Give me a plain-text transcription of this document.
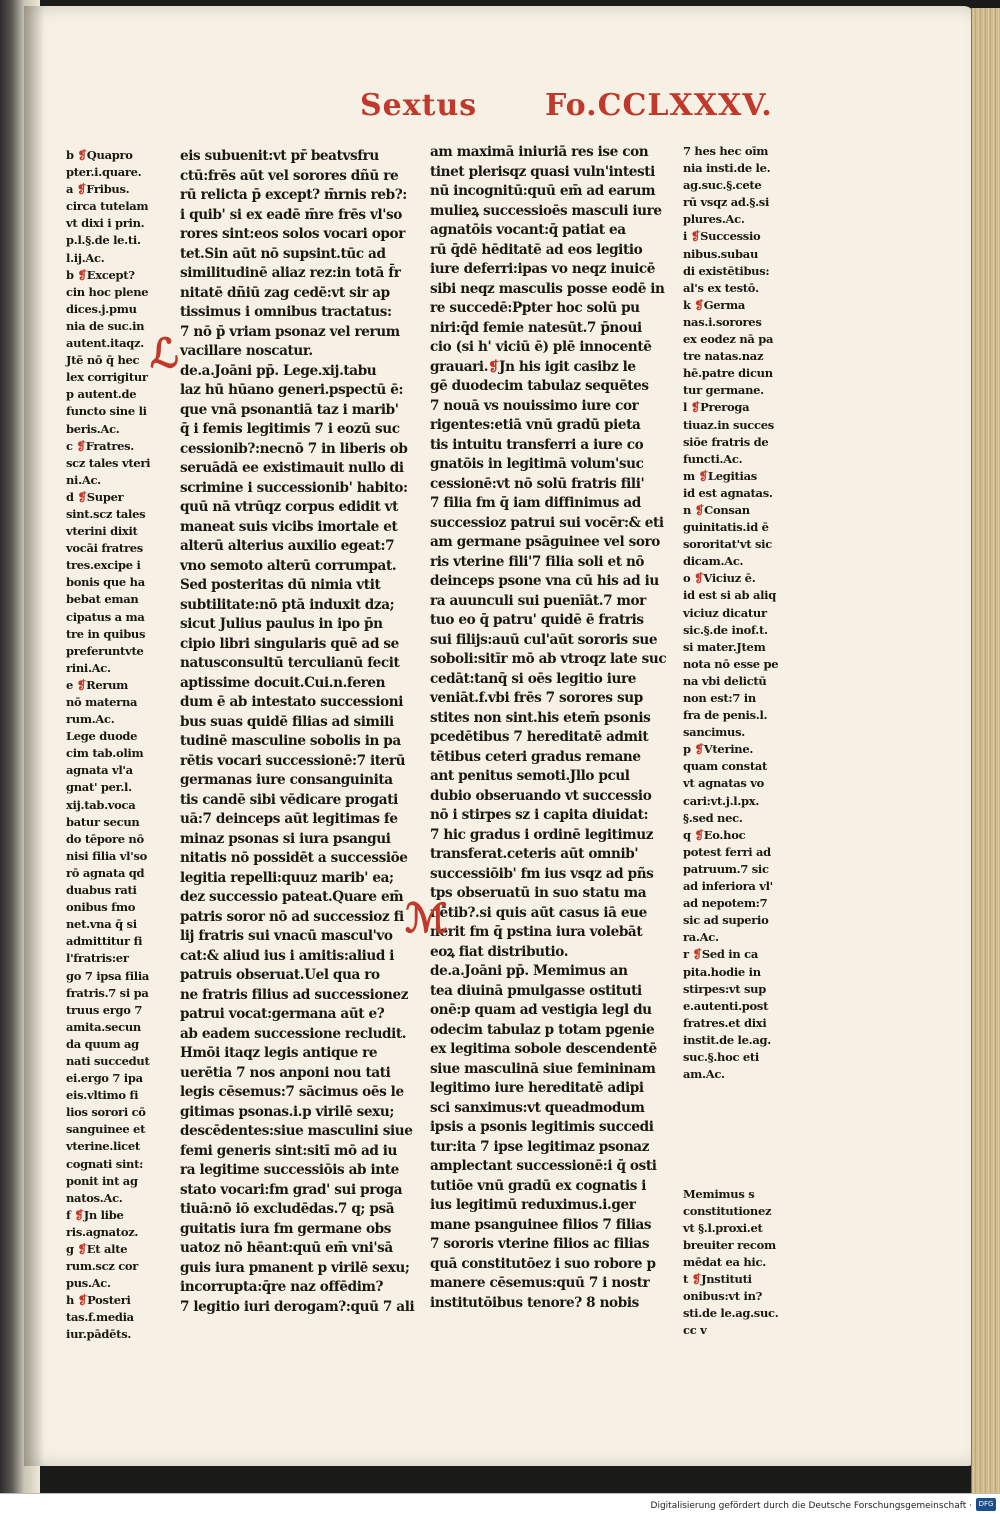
Sextus Fo.CCLXXXV.
b ❡Quapro
pter.i.quare.
a ❡Fribus.
circa tutelam
vt dixi i prin.
p.l.§.de le.ti.
l.ij.Ac.
b ❡Except?
cin hoc plene
dices.j.pmu
nia de suc.in
autent.itaqz.
Jtē nō q̄ hec
lex corrigitur
p autent.de
functo sine li
beris.Ac.
c ❡Fratres.
scz tales vteri
ni.Ac.
d ❡Super
sint.scz tales
vterini dixit
vocāi fratres
tres.excipe i
bonis que ha
bebat eman
cipatus a ma
tre in quibus
preferuntvte
rini.Ac.
e ❡Rerum
nō materna
rum.Ac.
Lege duode
cim tab.olim
agnata vl'a
gnat' per.l.
xij.tab.voca
batur secun
do tēpore nō
nisi filia vl'so
rō agnata qd
duabus rati
onibus fmo
net.vna q̄ si
admittitur fi
l'fratris:er
go 7 ipsa filia
fratris.7 si pa
truus ergo 7
amita.secun
da quum ag
nati succedut
ei.ergo 7 ipa
eis.vltimo fi
lios sorori cō
sanguinee et
vterine.licet
cognati sint:
ponit int ag
natos.Ac.
f ❡Jn libe
ris.agnatoz.
g ❡Et alte
rum.scz cor
pus.Ac.
h ❡Posteri
tas.f.media
iur.pādēts.
eis subuenit:vt pr̄ beatvsfru
ctū:frēs aūt vel sorores dñū re
rū relicta p̄ except? m̄rnis reb?:
i quib' si ex eadē m̄re frēs vl'so
rores sint:eos solos vocari opor
tet.Sin aūt nō supsint.tūc ad
similitudinē aliaz rez:in totā f̄r
nitatē dñiū zag cedē:vt sir ap
tissimus i omnibus tractatus:
7 nō p̄ vriam psonaz vel rerum
vacillare noscatur.
de.a.Joāni pp̄. Lege.xij.tabu
laz hū hūano generi.pspectū ē:
que vnā psonantiā taz i marib'
q̄ i femis legitimis 7 i eozū suc
cessionib?:necnō 7 in liberis ob
seruādā ee existimauit nullo di
scrimine i successionib' habito:
quū nā vtrūqz corpus edidit vt
maneat suis vicibs imortale et
alterū alterius auxilio egeat:7
vno semoto alterū corrumpat.
Sed posteritas dū nimia vtit
subtilitate:nō ptā induxit dza;
sicut Julius paulus in ipo p̄n
cipio libri singularis quē ad se
natusconsultū terculianū fecit
aptissime docuit.Cui.n.feren
dum ē ab intestato successioni
bus suas quidē filias ad simili
tudinē masculine sobolis in pa
rētis vocari successionē:7 iterū
germanas iure consanguinita
tis candē sibi vēdicare progati
uā:7 deinceps aūt legitimas fe
minaz psonas si iura psangui
nitatis nō possidēt a successiōe
legitia repelli:quuz marib' ea;
dez successio pateat.Quare em̄
patris soror nō ad successioz fi
lij fratris sui vnacū mascul'vo
cat:& aliud ius i amitis:aliud i
patruis obseruat.Uel qua ro
ne fratris filius ad successionez
patrui vocat:germana aūt e?
ab eadem successione recludit.
Hmōi itaqz legis antique re
uerētia 7 nos anponi nou tati
legis cēsemus:7 sācimus oēs le
gitimas psonas.i.p virilē sexu;
descēdentes:siue masculini siue
femi generis sint:sitī mō ad iu
ra legitime successiōis ab inte
stato vocari:fm grad' sui proga
tiuā:nō iō excludēdas.7 q; psā
guitatis iura fm germane obs
uatoz nō hēant:quū em̄ vni'sā
guis iura pmanent p virilē sexu;
incorrupta:q̄re naz offēdim?
7 legitio iuri derogam?:quū 7 ali
am maximā iniuriā res ise con
tinet plerisqz quasi vuln'intesti
nū incognitū:quū em̄ ad earum
mulieꝝ successioēs masculi iure
agnatōis vocant:q̄ patiat ea
rū q̄dē hēditatē ad eos legitio
iure deferri:ipas vo neqz inuicē
sibi neqz masculis posse eodē in
re succedē:Ppter hoc solū pu
niri:q̄d femie natesūt.7 p̄noui
cio (si h' viciū ē) plē innocentē
grauari.❡Jn his igit casibz le
gē duodecim tabulaz sequētes
7 nouā vs nouissimo iure cor
rigentes:etiā vnū gradū pieta
tis intuitu transferri a iure co
gnatōis in legitimā volum'suc
cessionē:vt nō solū fratris fili'
7 filia fm q̄ iam diffinimus ad
successioz patrui sui vocēr:& eti
am germane psāguinee vel soro
ris vterine fili'7 filia soli et nō
deinceps psone vna cū his ad iu
ra auunculi sui puenīāt.7 mor
tuo eo q̄ patru' quidē ē fratris
sui filijs:auū cul'aūt sororis sue
soboli:sitīr mō ab vtroqz late suc
cedāt:tanq̄ si oēs legitio iure
veniāt.f.vbi frēs 7 sorores sup
stites non sint.his etem̄ psonis
pcedētibus 7 hereditatē admit
tētibus ceteri gradus remane
ant penitus semoti.Jllo pcul
dubio obseruando vt successio
nō i stirpes sz i capita diuidat:
7 hic gradus i ordinē legitimuz
transferat.ceteris aūt omnib'
successiōib' fm ius vsqz ad pñs
tps obseruatū in suo statu ma
nētib?.si quis aūt casus iā eue
nerit fm q̄ pstina iura volebāt
eoꝝ fiat distributio.
de.a.Joāni pp̄. Memimus an
tea diuinā pmulgasse ostituti
onē:p quam ad vestigia legl du
odecim tabulaz p totam pgenie
ex legitima sobole descendentē
siue masculinā siue femininam
legitimo iure hereditatē adipi
sci sanximus:vt queadmodum
ipsis a psonis legitimis succedi
tur:ita 7 ipse legitimaz psonaz
amplectant successionē:i q̄ osti
tutiōe vnū gradū ex cognatis i
ius legitimū reduximus.i.ger
mane psanguinee filios 7 filias
7 sororis vterine filios ac filias
quā constitutōez i suo robore p
manere cēsemus:quū 7 i nostr
institutōibus tenore? 8 nobis
7 hes hec oīm
nia insti.de le.
ag.suc.§.cete
rū vsqz ad.§.si
plures.Ac.
i ❡Successio
nibus.subau
di existētibus:
al's ex testō.
k ❡Germa
nas.i.sorores
ex eodez nā pa
tre natas.naz
hē.patre dicun
tur germane.
l ❡Preroga
tiuaz.in succes
siōe fratris de
functi.Ac.
m ❡Legitias
id est agnatas.
n ❡Consan
guinitatis.id ē
sororitat'vt sic
dicam.Ac.
o ❡Viciuz ē.
id est si ab aliq
viciuz dicatur
sic.§.de inof.t.
si mater.Jtem
nota nō esse pe
na vbi delictū
non est:7 in
fra de penis.l.
sancimus.
p ❡Vterine.
quam constat
vt agnatas vo
cari:vt.j.l.px.
§.sed nec.
q ❡Eo.hoc
potest ferri ad
patruum.7 sic
ad inferiora vl'
ad nepotem:7
sic ad superio
ra.Ac.
r ❡Sed in ca
pita.hodie in
stirpes:vt sup
e.autenti.post
fratres.et dixi
instit.de le.ag.
suc.§.hoc eti
am.Ac.

Memimus s
constitutionez
vt §.l.proxi.et
breuiter recom
mēdat ea hic.
t ❡Jnstituti
onibus:vt in?
sti.de le.ag.suc.
cc v
ℒ
ℳ
Digitalisierung gefördert durch die Deutsche Forschungsgemeinschaft · DFG
